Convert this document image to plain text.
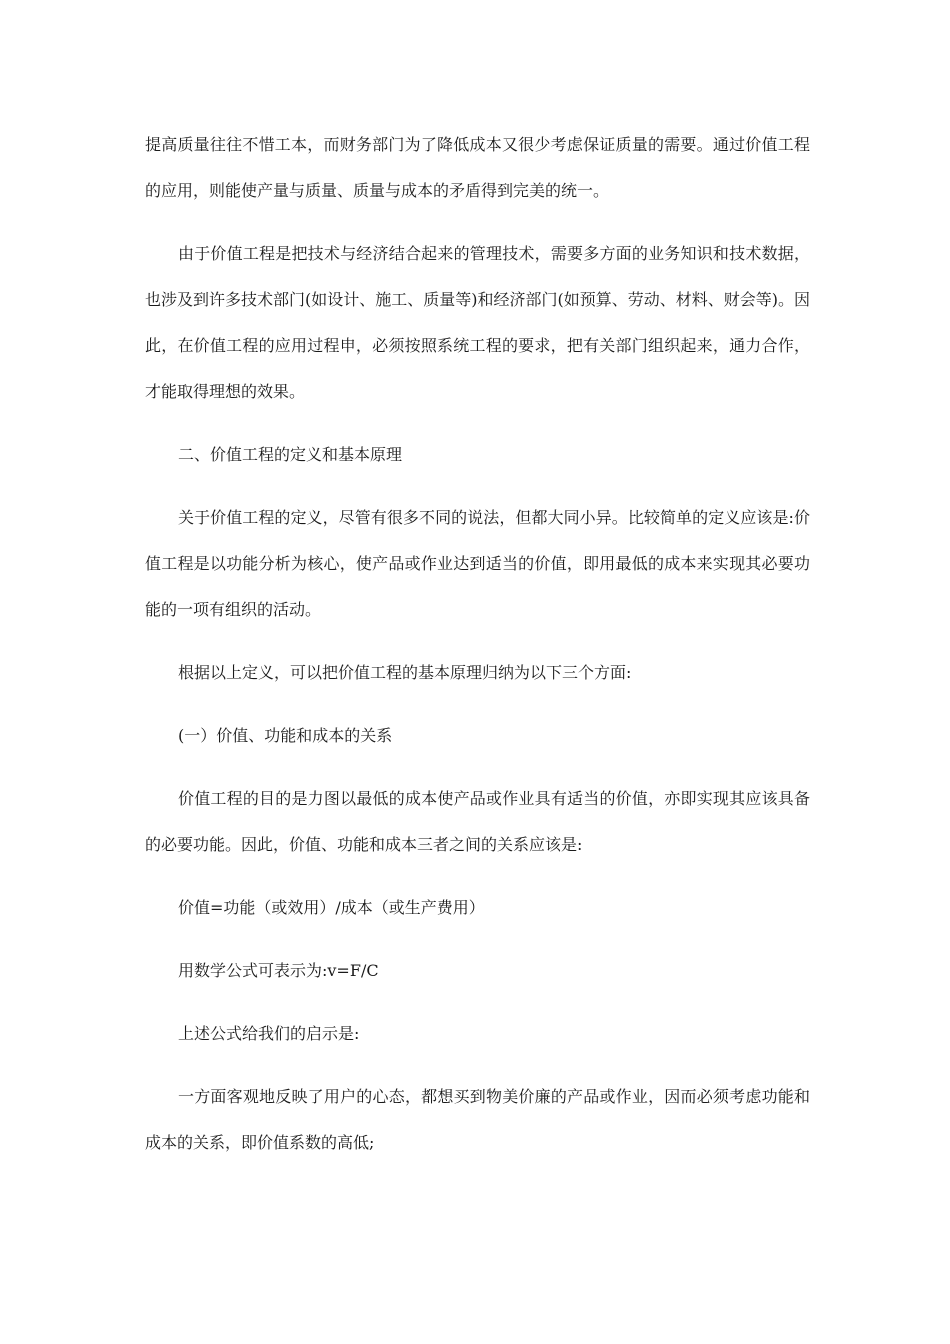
提高质量往往不惜工本，而财务部门为了降低成本又很少考虑保证质量的需要。通过价值工程的应用，则能使产量与质量、质量与成本的矛盾得到完美的统一。

由于价值工程是把技术与经济结合起来的管理技术，需要多方面的业务知识和技术数据，也涉及到许多技术部门(如设计、施工、质量等)和经济部门(如预算、劳动、材料、财会等)。因此，在价值工程的应用过程申，必须按照系统工程的要求，把有关部门组织起来，通力合作，才能取得理想的效果。

二、价值工程的定义和基本原理

关于价值工程的定义，尽管有很多不同的说法，但都大同小异。比较简单的定义应该是:价值工程是以功能分析为核心，使产品或作业达到适当的价值，即用最低的成本来实现其必要功能的一项有组织的活动。

根据以上定义，可以把价值工程的基本原理归纳为以下三个方面:

(一）价值、功能和成本的关系

价值工程的目的是力图以最低的成本使产品或作业具有适当的价值，亦即实现其应该具备的必要功能。因此，价值、功能和成本三者之间的关系应该是:

价值=功能（或效用）/成本（或生产费用）

用数学公式可表示为:v=F/C

上述公式给我们的启示是:

一方面客观地反映了用户的心态，都想买到物美价廉的产品或作业，因而必须考虑功能和成本的关系，即价值系数的高低;
